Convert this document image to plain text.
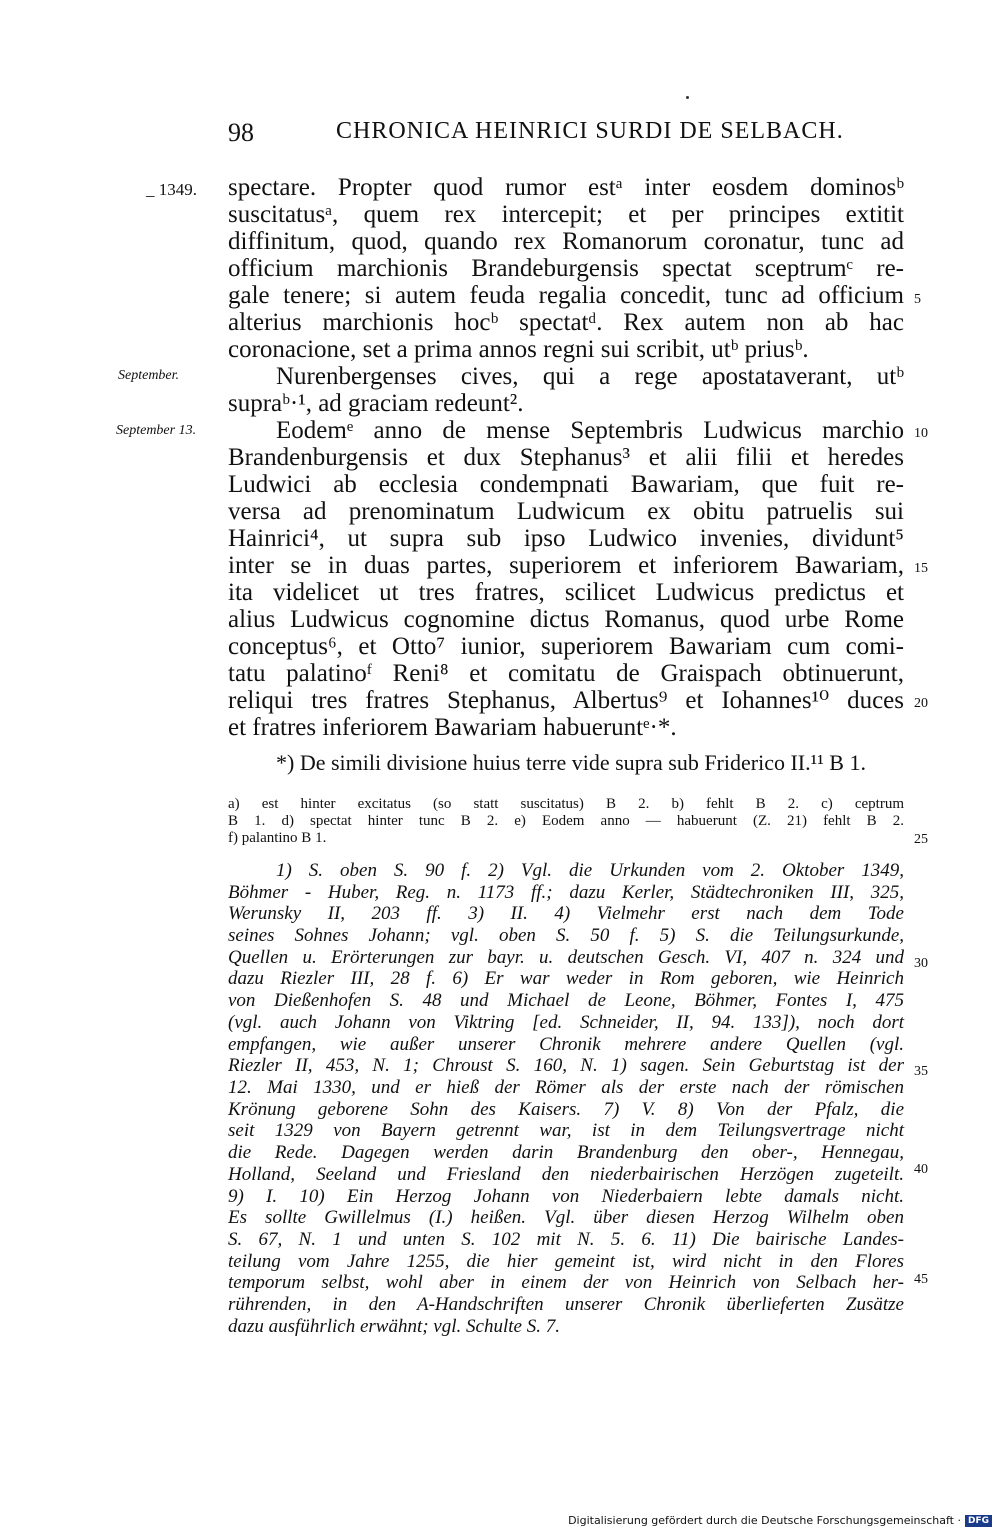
98	CHRONICA HEINRICI SURDI DE SELBACH.
_ 1349.
September.
September 13.
spectare. Propter quod rumor estᵃ inter eosdem dominosᵇ
suscitatusᵃ, quem rex intercepit; et per principes extitit
diffinitum, quod, quando rex Romanorum coronatur, tunc ad
officium marchionis Brandeburgensis spectat sceptrumᶜ re-
gale tenere; si autem feuda regalia concedit, tunc ad officium
alterius marchionis hocᵇ spectatᵈ. Rex autem non ab hac
coronacione, set a prima annos regni sui scribit, utᵇ priusᵇ.
Nurenbergenses cives, qui a rege apostataverant, utᵇ
supraᵇ·¹, ad graciam redeunt².
Eodemᵉ anno de mense Septembris Ludwicus marchio
Brandenburgensis et dux Stephanus³ et alii filii et heredes
Ludwici ab ecclesia condempnati Bawariam, que fuit re-
versa ad prenominatum Ludwicum ex obitu patruelis sui
Hainrici⁴, ut supra sub ipso Ludwico invenies, dividunt⁵
inter se in duas partes, superiorem et inferiorem Bawariam,
ita videlicet ut tres fratres, scilicet Ludwicus predictus et
alius Ludwicus cognomine dictus Romanus, quod urbe Rome
conceptus⁶, et Otto⁷ iunior, superiorem Bawariam cum comi-
tatu palatinoᶠ Reni⁸ et comitatu de Graispach obtinuerunt,
reliqui tres fratres Stephanus, Albertus⁹ et Iohannes¹⁰ duces
et fratres inferiorem Bawariam habueruntᵉ·*.
5
10
15
20
25
30
35
40
45
*) De simili divisione huius terre vide supra sub Friderico II.¹¹ B 1.
a) est hinter excitatus (so statt suscitatus) B 2. b) fehlt B 2. c) ceptrum
B 1. d) spectat hinter tunc B 2. e) Eodem anno — habuerunt (Z. 21) fehlt B 2.
f) palantino B 1.
1) S. oben S. 90 f. 2) Vgl. die Urkunden vom 2. Oktober 1349,
Böhmer - Huber, Reg. n. 1173 ff.; dazu Kerler, Städtechroniken III, 325,
Werunsky II, 203 ff. 3) II. 4) Vielmehr erst nach dem Tode
seines Sohnes Johann; vgl. oben S. 50 f. 5) S. die Teilungsurkunde,
Quellen u. Erörterungen zur bayr. u. deutschen Gesch. VI, 407 n. 324 und
dazu Riezler III, 28 f. 6) Er war weder in Rom geboren, wie Heinrich
von Dießenhofen S. 48 und Michael de Leone, Böhmer, Fontes I, 475
(vgl. auch Johann von Viktring [ed. Schneider, II, 94. 133]), noch dort
empfangen, wie außer unserer Chronik mehrere andere Quellen (vgl.
Riezler II, 453, N. 1; Chroust S. 160, N. 1) sagen. Sein Geburtstag ist der
12. Mai 1330, und er hieß der Römer als der erste nach der römischen
Krönung geborene Sohn des Kaisers. 7) V. 8) Von der Pfalz, die
seit 1329 von Bayern getrennt war, ist in dem Teilungsvertrage nicht
die Rede. Dagegen werden darin Brandenburg den ober-, Hennegau,
Holland, Seeland und Friesland den niederbairischen Herzögen zugeteilt.
9) I. 10) Ein Herzog Johann von Niederbaiern lebte damals nicht.
Es sollte Gwillelmus (I.) heißen. Vgl. über diesen Herzog Wilhelm oben
S. 67, N. 1 und unten S. 102 mit N. 5. 6. 11) Die bairische Landes-
teilung vom Jahre 1255, die hier gemeint ist, wird nicht in den Flores
temporum selbst, wohl aber in einem der von Heinrich von Selbach her-
rührenden, in den A-Handschriften unserer Chronik überlieferten Zusätze
dazu ausführlich erwähnt; vgl. Schulte S. 7.
Digitalisierung gefördert durch die Deutsche Forschungsgemeinschaft · DFG
